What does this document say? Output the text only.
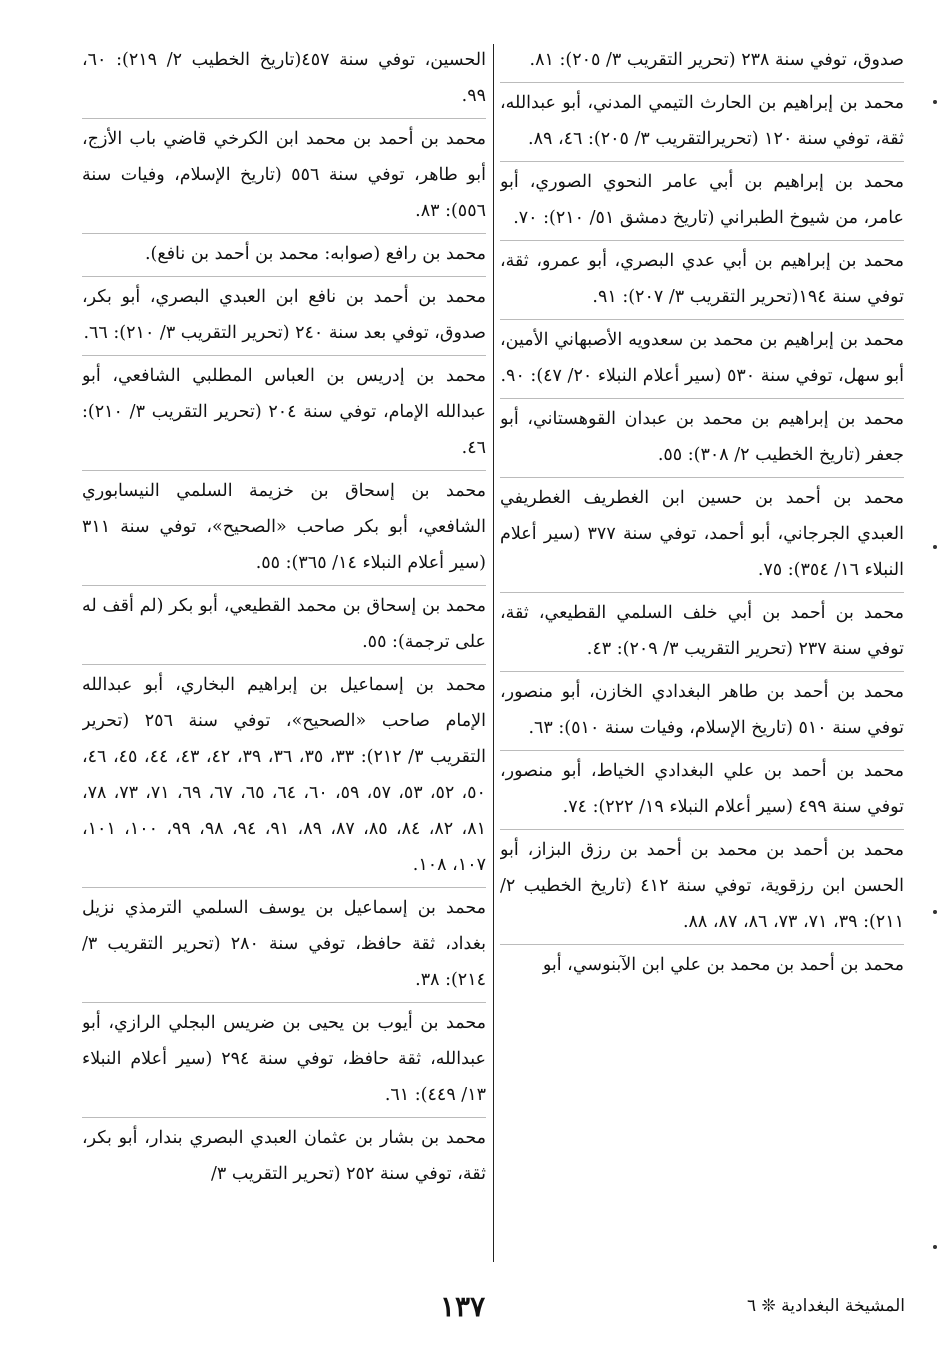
صدوق، توفي سنة ٢٣٨ (تحرير التقريب ٣/ ٢٠٥): ٨١.

محمد بن إبراهيم بن الحارث التيمي المدني، أبو عبدالله، ثقة، توفي سنة ١٢٠ (تحريرالتقريب ٣/ ٢٠٥): ٤٦، ٨٩.

محمد بن إبراهيم بن أبي عامر النحوي الصوري، أبو عامر، من شيوخ الطبراني (تاريخ دمشق ٥١/ ٢١٠): ٧٠.

محمد بن إبراهيم بن أبي عدي البصري، أبو عمرو، ثقة، توفي سنة ١٩٤(تحرير التقريب ٣/ ٢٠٧): ٩١.

محمد بن إبراهيم بن محمد بن سعدويه الأصبهاني الأمين، أبو سهل، توفي سنة ٥٣٠ (سير أعلام النبلاء ٢٠/ ٤٧): ٩٠.

محمد بن إبراهيم بن محمد بن عبدان القوهستاني، أبو جعفر (تاريخ الخطيب ٢/ ٣٠٨): ٥٥.

محمد بن أحمد بن حسين ابن الغطريف الغطريفي العبدي الجرجاني، أبو أحمد، توفي سنة ٣٧٧ (سير أعلام النبلاء ١٦/ ٣٥٤): ٧٥.

محمد بن أحمد بن أبي خلف السلمي القطيعي، ثقة، توفي سنة ٢٣٧ (تحرير التقريب ٣/ ٢٠٩): ٤٣.

محمد بن أحمد بن طاهر البغدادي الخازن، أبو منصور، توفي سنة ٥١٠ (تاريخ الإسلام، وفيات سنة ٥١٠): ٦٣.

محمد بن أحمد بن علي البغدادي الخياط، أبو منصور، توفي سنة ٤٩٩ (سير أعلام النبلاء ١٩/ ٢٢٢): ٧٤.

محمد بن أحمد بن محمد بن أحمد بن رزق البزاز، أبو الحسن ابن رزقوية، توفي سنة ٤١٢ (تاريخ الخطيب ٢/ ٢١١): ٣٩، ٧١، ٧٣، ٨٦، ٨٧، ٨٨.

محمد بن أحمد بن محمد بن علي ابن الآبنوسي، أبو

الحسين، توفي سنة ٤٥٧(تاريخ الخطيب ٢/ ٢١٩): ٦٠، ٩٩.

محمد بن أحمد بن محمد ابن الكرخي قاضي باب الأزج، أبو طاهر، توفي سنة ٥٥٦ (تاريخ الإسلام، وفيات سنة ٥٥٦): ٨٣.

محمد بن رافع (صوابه: محمد بن أحمد بن نافع).

محمد بن أحمد بن نافع ابن العبدي البصري، أبو بكر، صدوق، توفي بعد سنة ٢٤٠ (تحرير التقريب ٣/ ٢١٠): ٦٦.

محمد بن إدريس بن العباس المطلبي الشافعي، أبو عبدالله الإمام، توفي سنة ٢٠٤ (تحرير التقريب ٣/ ٢١٠): ٤٦.

محمد بن إسحاق بن خزيمة السلمي النيسابوري الشافعي، أبو بكر صاحب «الصحيح»، توفي سنة ٣١١ (سير أعلام النبلاء ١٤/ ٣٦٥): ٥٥.

محمد بن إسحاق بن محمد القطيعي، أبو بكر (لم أقف له على ترجمة): ٥٥.

محمد بن إسماعيل بن إبراهيم البخاري، أبو عبدالله الإمام صاحب «الصحيح»، توفي سنة ٢٥٦ (تحرير التقريب ٣/ ٢١٢): ٣٣، ٣٥، ٣٦، ٣٩، ٤٢، ٤٣، ٤٤، ٤٥، ٤٦، ٥٠، ٥٢، ٥٣، ٥٧، ٥٩، ٦٠، ٦٤، ٦٥، ٦٧، ٦٩، ٧١، ٧٣، ٧٨، ٨١، ٨٢، ٨٤، ٨٥، ٨٧، ٨٩، ٩١، ٩٤، ٩٨، ٩٩، ١٠٠، ١٠١، ١٠٧، ١٠٨.

محمد بن إسماعيل بن يوسف السلمي الترمذي نزيل بغداد، ثقة حافظ، توفي سنة ٢٨٠ (تحرير التقريب ٣/ ٢١٤): ٣٨.

محمد بن أيوب بن يحيى بن ضريس البجلي الرازي، أبو عبدالله، ثقة حافظ، توفي سنة ٢٩٤ (سير أعلام النبلاء ١٣/ ٤٤٩): ٦١.

محمد بن بشار بن عثمان العبدي البصري بندار، أبو بكر، ثقة، توفي سنة ٢٥٢ (تحرير التقريب ٣/

المشيخة البغدادية ❊ ٦
١٣٧
